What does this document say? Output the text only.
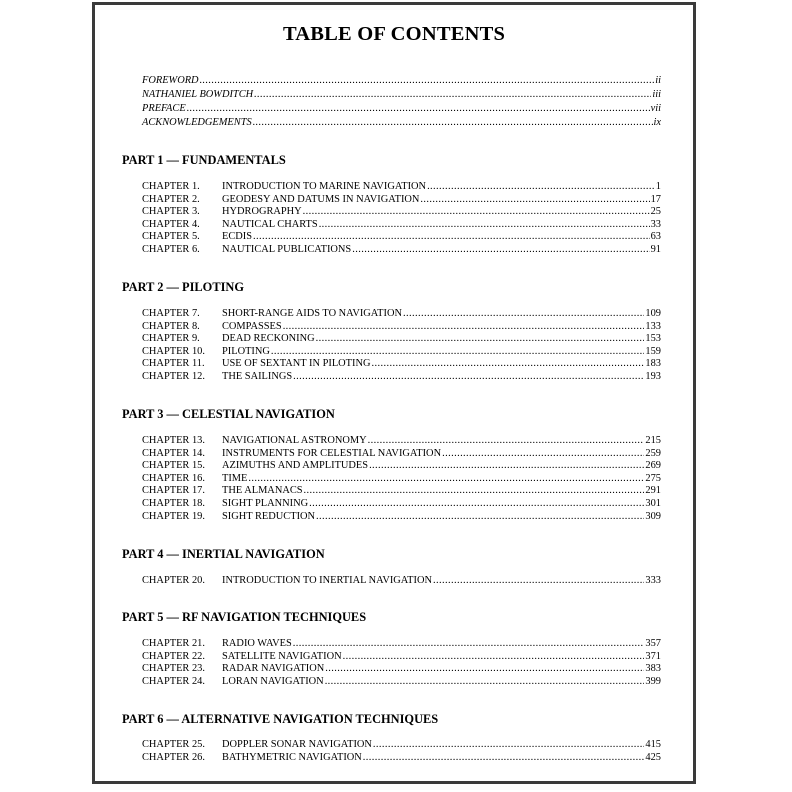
TABLE OF CONTENTS
FOREWORD .....	ii
NATHANIEL BOWDITCH .....	iii
PREFACE .....	vii
ACKNOWLEDGEMENTS .....	ix
PART 1 — FUNDAMENTALS
CHAPTER 1.	INTRODUCTION TO MARINE NAVIGATION .....	1
CHAPTER 2.	GEODESY AND DATUMS IN NAVIGATION .....	17
CHAPTER 3.	HYDROGRAPHY .....	25
CHAPTER 4.	NAUTICAL CHARTS .....	33
CHAPTER 5.	ECDIS .....	63
CHAPTER 6.	NAUTICAL PUBLICATIONS .....	91
PART 2 — PILOTING
CHAPTER 7.	SHORT-RANGE AIDS TO NAVIGATION .....	109
CHAPTER 8.	COMPASSES .....	133
CHAPTER 9.	DEAD RECKONING .....	153
CHAPTER 10.	PILOTING .....	159
CHAPTER 11.	USE OF SEXTANT IN PILOTING .....	183
CHAPTER 12.	THE SAILINGS .....	193
PART 3 — CELESTIAL NAVIGATION
CHAPTER 13.	NAVIGATIONAL ASTRONOMY .....	215
CHAPTER 14.	INSTRUMENTS FOR CELESTIAL NAVIGATION .....	259
CHAPTER 15.	AZIMUTHS AND AMPLITUDES .....	269
CHAPTER 16.	TIME .....	275
CHAPTER 17.	THE ALMANACS .....	291
CHAPTER 18.	SIGHT PLANNING .....	301
CHAPTER 19.	SIGHT REDUCTION .....	309
PART 4 — INERTIAL NAVIGATION
CHAPTER 20.	INTRODUCTION TO INERTIAL NAVIGATION .....	333
PART 5 — RF NAVIGATION TECHNIQUES
CHAPTER 21.	RADIO WAVES .....	357
CHAPTER 22.	SATELLITE NAVIGATION .....	371
CHAPTER 23.	RADAR NAVIGATION .....	383
CHAPTER 24.	LORAN NAVIGATION .....	399
PART 6 — ALTERNATIVE NAVIGATION TECHNIQUES
CHAPTER 25.	DOPPLER SONAR NAVIGATION .....	415
CHAPTER 26.	BATHYMETRIC NAVIGATION .....	425
